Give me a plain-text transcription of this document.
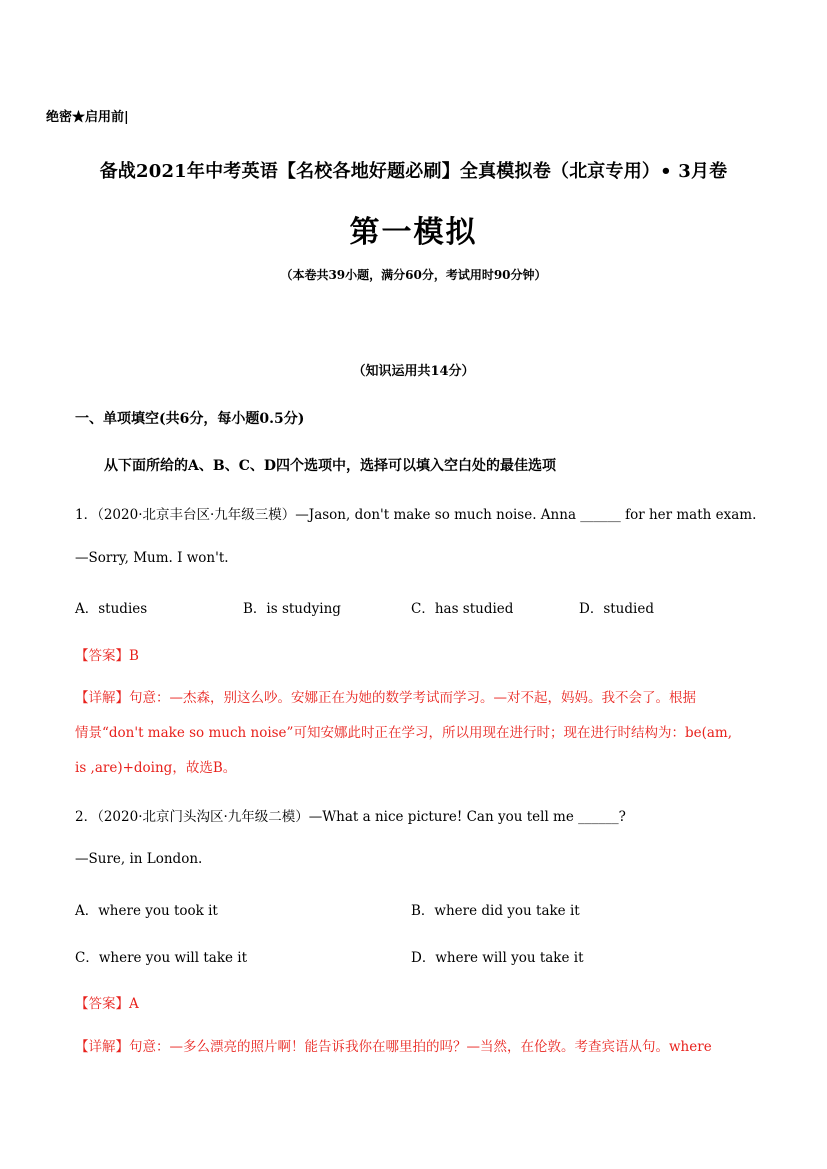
绝密★启用前|
备战2021年中考英语【名校各地好题必刷】全真模拟卷（北京专用）• 3月卷
第一模拟
（本卷共39小题，满分60分，考试用时90分钟）
（知识运用共14分）
一、单项填空(共6分，每小题0.5分)
从下面所给的A、B、C、D四个选项中，选择可以填入空白处的最佳选项
1．（2020·北京丰台区·九年级三模）—Jason, don't make so much noise. Anna ______ for her math exam.
—Sorry, Mum. I won't.
A．studies	B．is studying	C．has studied	D．studied
【答案】B
【详解】句意：—杰森，别这么吵。安娜正在为她的数学考试而学习。—对不起，妈妈。我不会了。根据
情景“don't make so much noise”可知安娜此时正在学习，所以用现在进行时；现在进行时结构为：be(am,
is ,are)+doing，故选B。
2．（2020·北京门头沟区·九年级二模）—What a nice picture! Can you tell me ______?
—Sure, in London.
A．where you took it	B．where did you take it
C．where you will take it	D．where will you take it
【答案】A
【详解】句意：—多么漂亮的照片啊！能告诉我你在哪里拍的吗？—当然，在伦敦。考查宾语从句。where
